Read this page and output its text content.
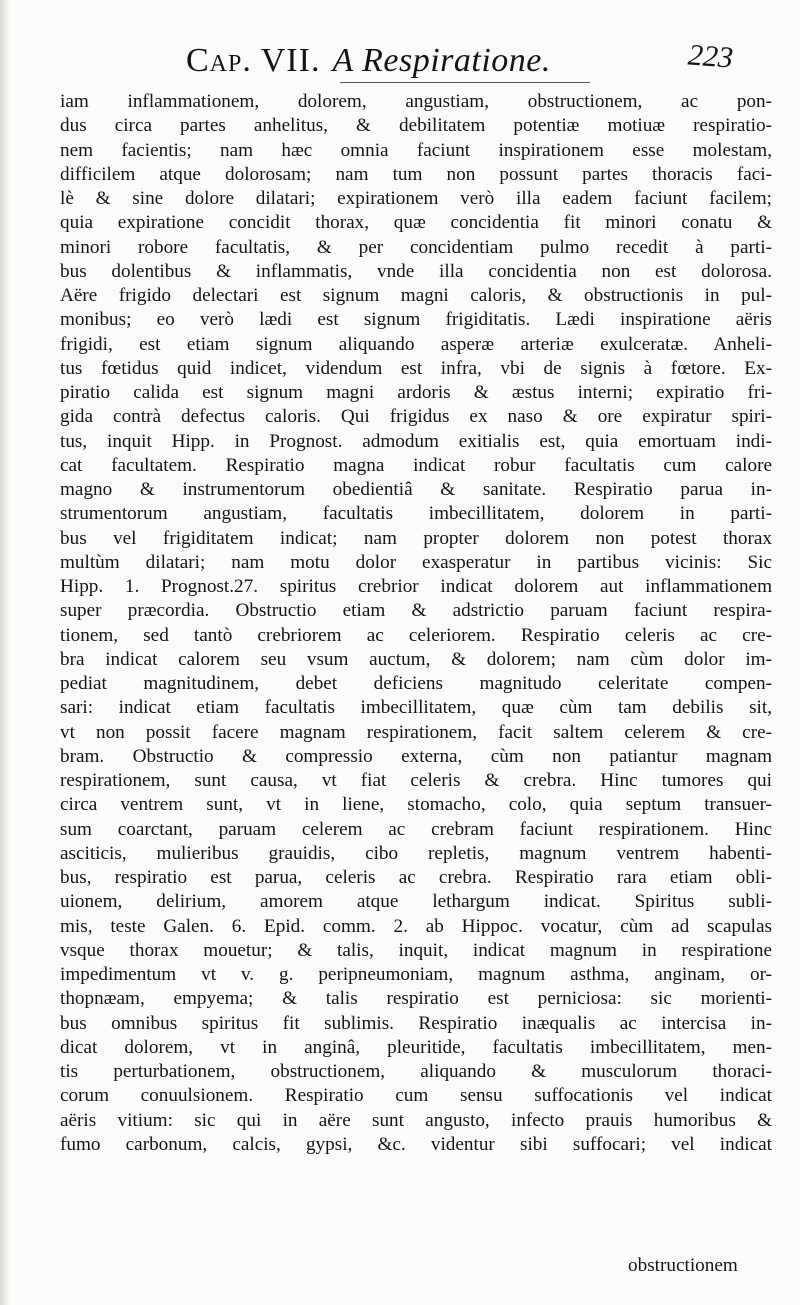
Cap. VII. A Respiratione.	223
iam inflammationem, dolorem, angustiam, obstructionem, ac pon-
dus circa partes anhelitus, & debilitatem potentiæ motiuæ respiratio-
nem facientis; nam hæc omnia faciunt inspirationem esse molestam,
difficilem atque dolorosam; nam tum non possunt partes thoracis faci-
lè & sine dolore dilatari; expirationem verò illa eadem faciunt facilem;
quia expiratione concidit thorax, quæ concidentia fit minori conatu &
minori robore facultatis, & per concidentiam pulmo recedit à parti-
bus dolentibus & inflammatis, vnde illa concidentia non est dolorosa.
Aëre frigido delectari est signum magni caloris, & obstructionis in pul-
monibus; eo verò lædi est signum frigiditatis. Lædi inspiratione aëris
frigidi, est etiam signum aliquando asperæ arteriæ exulceratæ. Anheli-
tus fœtidus quid indicet, videndum est infra, vbi de signis à fœtore. Ex-
piratio calida est signum magni ardoris & æstus interni; expiratio fri-
gida contrà defectus caloris. Qui frigidus ex naso & ore expiratur spiri-
tus, inquit Hipp. in Prognost. admodum exitialis est, quia emortuam indi-
cat facultatem. Respiratio magna indicat robur facultatis cum calore
magno & instrumentorum obedientiâ & sanitate. Respiratio parua in-
strumentorum angustiam, facultatis imbecillitatem, dolorem in parti-
bus vel frigiditatem indicat; nam propter dolorem non potest thorax
multùm dilatari; nam motu dolor exasperatur in partibus vicinis: Sic
Hipp. 1. Prognost.27. spiritus crebrior indicat dolorem aut inflammationem
super præcordia. Obstructio etiam & adstrictio paruam faciunt respira-
tionem, sed tantò crebriorem ac celeriorem. Respiratio celeris ac cre-
bra indicat calorem seu vsum auctum, & dolorem; nam cùm dolor im-
pediat magnitudinem, debet deficiens magnitudo celeritate compen-
sari: indicat etiam facultatis imbecillitatem, quæ cùm tam debilis sit,
vt non possit facere magnam respirationem, facit saltem celerem & cre-
bram. Obstructio & compressio externa, cùm non patiantur magnam
respirationem, sunt causa, vt fiat celeris & crebra. Hinc tumores qui
circa ventrem sunt, vt in liene, stomacho, colo, quia septum transuer-
sum coarctant, paruam celerem ac crebram faciunt respirationem. Hinc
asciticis, mulieribus grauidis, cibo repletis, magnum ventrem habenti-
bus, respiratio est parua, celeris ac crebra. Respiratio rara etiam obli-
uionem, delirium, amorem atque lethargum indicat. Spiritus subli-
mis, teste Galen. 6. Epid. comm. 2. ab Hippoc. vocatur, cùm ad scapulas
vsque thorax mouetur; & talis, inquit, indicat magnum in respiratione
impedimentum vt v. g. peripneumoniam, magnum asthma, anginam, or-
thopnæam, empyema; & talis respiratio est perniciosa: sic morienti-
bus omnibus spiritus fit sublimis. Respiratio inæqualis ac intercisa in-
dicat dolorem, vt in anginâ, pleuritide, facultatis imbecillitatem, men-
tis perturbationem, obstructionem, aliquando & musculorum thoraci-
corum conuulsionem. Respiratio cum sensu suffocationis vel indicat
aëris vitium: sic qui in aëre sunt angusto, infecto prauis humoribus &
fumo carbonum, calcis, gypsi, &c. videntur sibi suffocari; vel indicat
obstructionem
